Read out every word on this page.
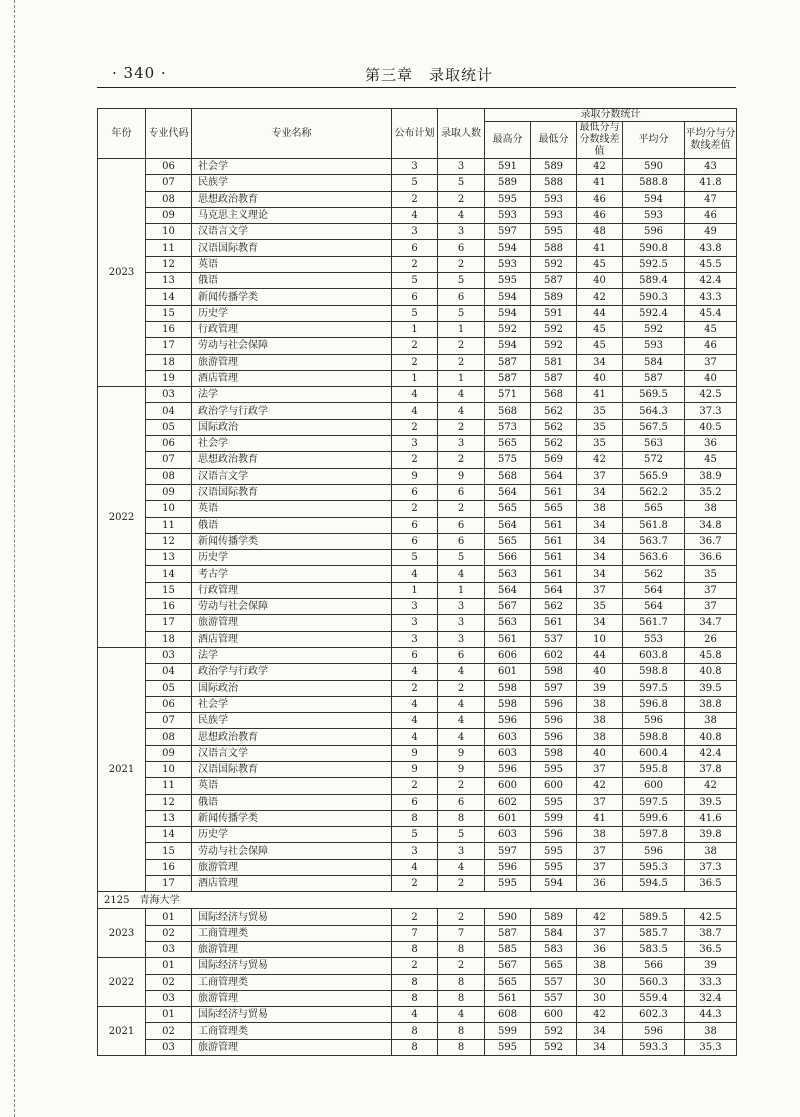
· 340 ·	第三章　录取统计
年份	专业代码	专业名称	公布计划	录取人数	录取分数统计				
					最高分	最低分	最低分与分数线差值	平均分	平均分与分数线差值
2023	06	社会学	3	3	591	589	42	590	43
	07	民族学	5	5	589	588	41	588.8	41.8
	08	思想政治教育	2	2	595	593	46	594	47
	09	马克思主义理论	4	4	593	593	46	593	46
	10	汉语言文学	3	3	597	595	48	596	49
	11	汉语国际教育	6	6	594	588	41	590.8	43.8
	12	英语	2	2	593	592	45	592.5	45.5
	13	俄语	5	5	595	587	40	589.4	42.4
	14	新闻传播学类	6	6	594	589	42	590.3	43.3
	15	历史学	5	5	594	591	44	592.4	45.4
	16	行政管理	1	1	592	592	45	592	45
	17	劳动与社会保障	2	2	594	592	45	593	46
	18	旅游管理	2	2	587	581	34	584	37
	19	酒店管理	1	1	587	587	40	587	40
2022	03	法学	4	4	571	568	41	569.5	42.5
	04	政治学与行政学	4	4	568	562	35	564.3	37.3
	05	国际政治	2	2	573	562	35	567.5	40.5
	06	社会学	3	3	565	562	35	563	36
	07	思想政治教育	2	2	575	569	42	572	45
	08	汉语言文学	9	9	568	564	37	565.9	38.9
	09	汉语国际教育	6	6	564	561	34	562.2	35.2
	10	英语	2	2	565	565	38	565	38
	11	俄语	6	6	564	561	34	561.8	34.8
	12	新闻传播学类	6	6	565	561	34	563.7	36.7
	13	历史学	5	5	566	561	34	563.6	36.6
	14	考古学	4	4	563	561	34	562	35
	15	行政管理	1	1	564	564	37	564	37
	16	劳动与社会保障	3	3	567	562	35	564	37
	17	旅游管理	3	3	563	561	34	561.7	34.7
	18	酒店管理	3	3	561	537	10	553	26
2021	03	法学	6	6	606	602	44	603.8	45.8
	04	政治学与行政学	4	4	601	598	40	598.8	40.8
	05	国际政治	2	2	598	597	39	597.5	39.5
	06	社会学	4	4	598	596	38	596.8	38.8
	07	民族学	4	4	596	596	38	596	38
	08	思想政治教育	4	4	603	596	38	598.8	40.8
	09	汉语言文学	9	9	603	598	40	600.4	42.4
	10	汉语国际教育	9	9	596	595	37	595.8	37.8
	11	英语	2	2	600	600	42	600	42
	12	俄语	6	6	602	595	37	597.5	39.5
	13	新闻传播学类	8	8	601	599	41	599.6	41.6
	14	历史学	5	5	603	596	38	597.8	39.8
	15	劳动与社会保障	3	3	597	595	37	596	38
	16	旅游管理	4	4	596	595	37	595.3	37.3
	17	酒店管理	2	2	595	594	36	594.5	36.5
2125　青海大学									
2023	01	国际经济与贸易	2	2	590	589	42	589.5	42.5
	02	工商管理类	7	7	587	584	37	585.7	38.7
	03	旅游管理	8	8	585	583	36	583.5	36.5
2022	01	国际经济与贸易	2	2	567	565	38	566	39
	02	工商管理类	8	8	565	557	30	560.3	33.3
	03	旅游管理	8	8	561	557	30	559.4	32.4
2021	01	国际经济与贸易	4	4	608	600	42	602.3	44.3
	02	工商管理类	8	8	599	592	34	596	38
	03	旅游管理	8	8	595	592	34	593.3	35.3
